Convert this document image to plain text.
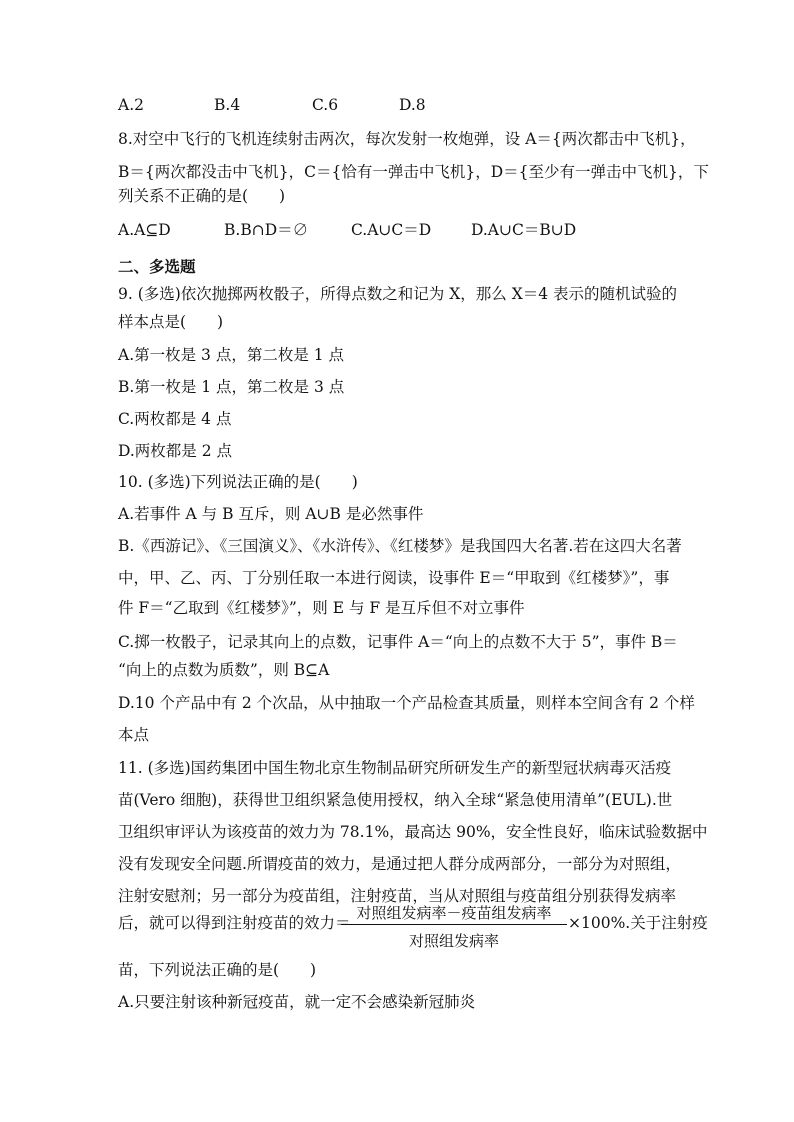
A.2	B.4	C.6	D.8
8.对空中飞行的飞机连续射击两次，每次发射一枚炮弹，设 A＝{两次都击中飞机}，
B＝{两次都没击中飞机}，C＝{恰有一弹击中飞机}，D＝{至少有一弹击中飞机}，下
列关系不正确的是(　　)
A.A⊆D	B.B∩D＝∅	C.A∪C＝D	D.A∪C＝B∪D
二、多选题
9. (多选)依次抛掷两枚骰子，所得点数之和记为 X，那么 X＝4 表示的随机试验的
样本点是(　　)
A.第一枚是 3 点，第二枚是 1 点
B.第一枚是 1 点，第二枚是 3 点
C.两枚都是 4 点
D.两枚都是 2 点
10. (多选)下列说法正确的是(　　)
A.若事件 A 与 B 互斥，则 A∪B 是必然事件
B.《西游记》、《三国演义》、《水浒传》、《红楼梦》是我国四大名著.若在这四大名著
中，甲、乙、丙、丁分别任取一本进行阅读，设事件 E＝“甲取到《红楼梦》”，事
件 F＝“乙取到《红楼梦》”，则 E 与 F 是互斥但不对立事件
C.掷一枚骰子，记录其向上的点数，记事件 A＝“向上的点数不大于 5”，事件 B＝
“向上的点数为质数”，则 B⊆A
D.10 个产品中有 2 个次品，从中抽取一个产品检查其质量，则样本空间含有 2 个样
本点
11. (多选)国药集团中国生物北京生物制品研究所研发生产的新型冠状病毒灭活疫
苗(Vero 细胞)，获得世卫组织紧急使用授权，纳入全球“紧急使用清单”(EUL).世
卫组织审评认为该疫苗的效力为 78.1%，最高达 90%，安全性良好，临床试验数据中
没有发现安全问题.所谓疫苗的效力，是通过把人群分成两部分，一部分为对照组，
注射安慰剂；另一部分为疫苗组，注射疫苗，当从对照组与疫苗组分别获得发病率
后，就可以得到注射疫苗的效力＝
对照组发病率－疫苗组发病率
对照组发病率
×100%.关于注射疫
苗，下列说法正确的是(　　)
A.只要注射该种新冠疫苗，就一定不会感染新冠肺炎
